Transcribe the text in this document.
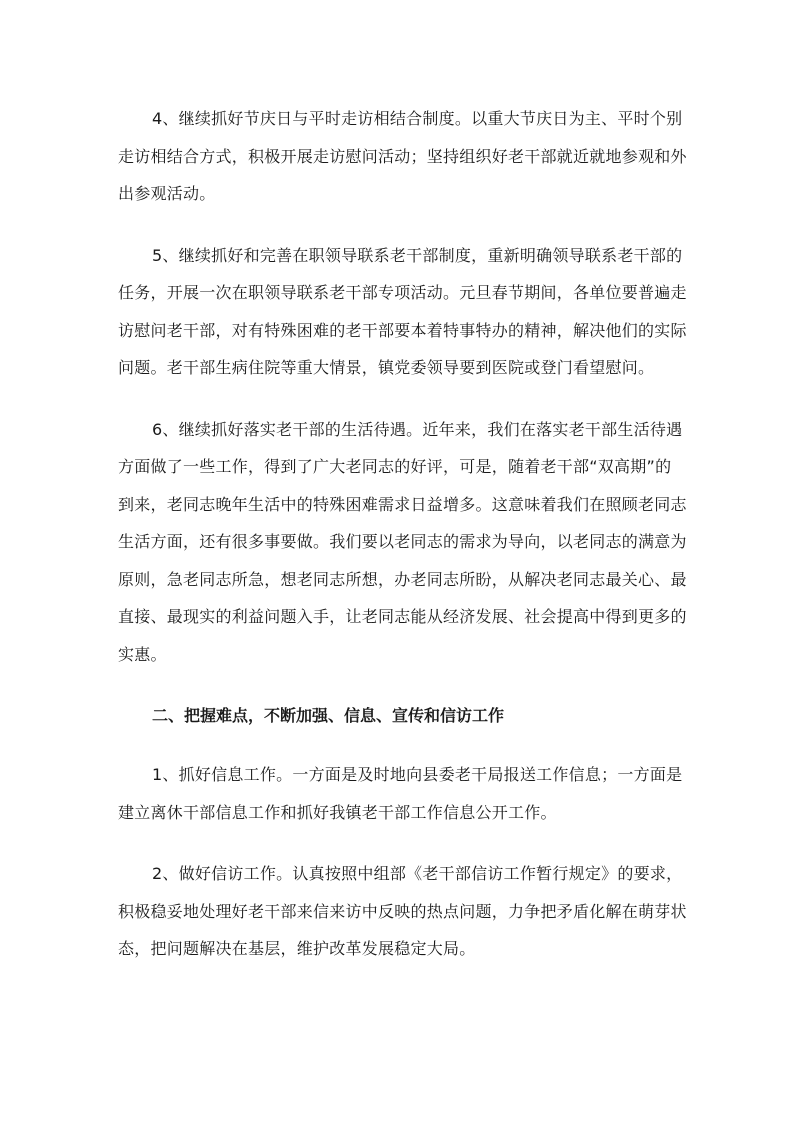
4、继续抓好节庆日与平时走访相结合制度。以重大节庆日为主、平时个别
走访相结合方式，积极开展走访慰问活动；坚持组织好老干部就近就地参观和外
出参观活动。

5、继续抓好和完善在职领导联系老干部制度，重新明确领导联系老干部的
任务，开展一次在职领导联系老干部专项活动。元旦春节期间，各单位要普遍走
访慰问老干部，对有特殊困难的老干部要本着特事特办的精神，解决他们的实际
问题。老干部生病住院等重大情景，镇党委领导要到医院或登门看望慰问。

6、继续抓好落实老干部的生活待遇。近年来，我们在落实老干部生活待遇
方面做了一些工作，得到了广大老同志的好评，可是，随着老干部“双高期”的
到来，老同志晚年生活中的特殊困难需求日益增多。这意味着我们在照顾老同志
生活方面，还有很多事要做。我们要以老同志的需求为导向，以老同志的满意为
原则，急老同志所急，想老同志所想，办老同志所盼，从解决老同志最关心、最
直接、最现实的利益问题入手，让老同志能从经济发展、社会提高中得到更多的
实惠。

二、把握难点，不断加强、信息、宣传和信访工作

1、抓好信息工作。一方面是及时地向县委老干局报送工作信息；一方面是
建立离休干部信息工作和抓好我镇老干部工作信息公开工作。

2、做好信访工作。认真按照中组部《老干部信访工作暂行规定》的要求，
积极稳妥地处理好老干部来信来访中反映的热点问题，力争把矛盾化解在萌芽状
态，把问题解决在基层，维护改革发展稳定大局。
